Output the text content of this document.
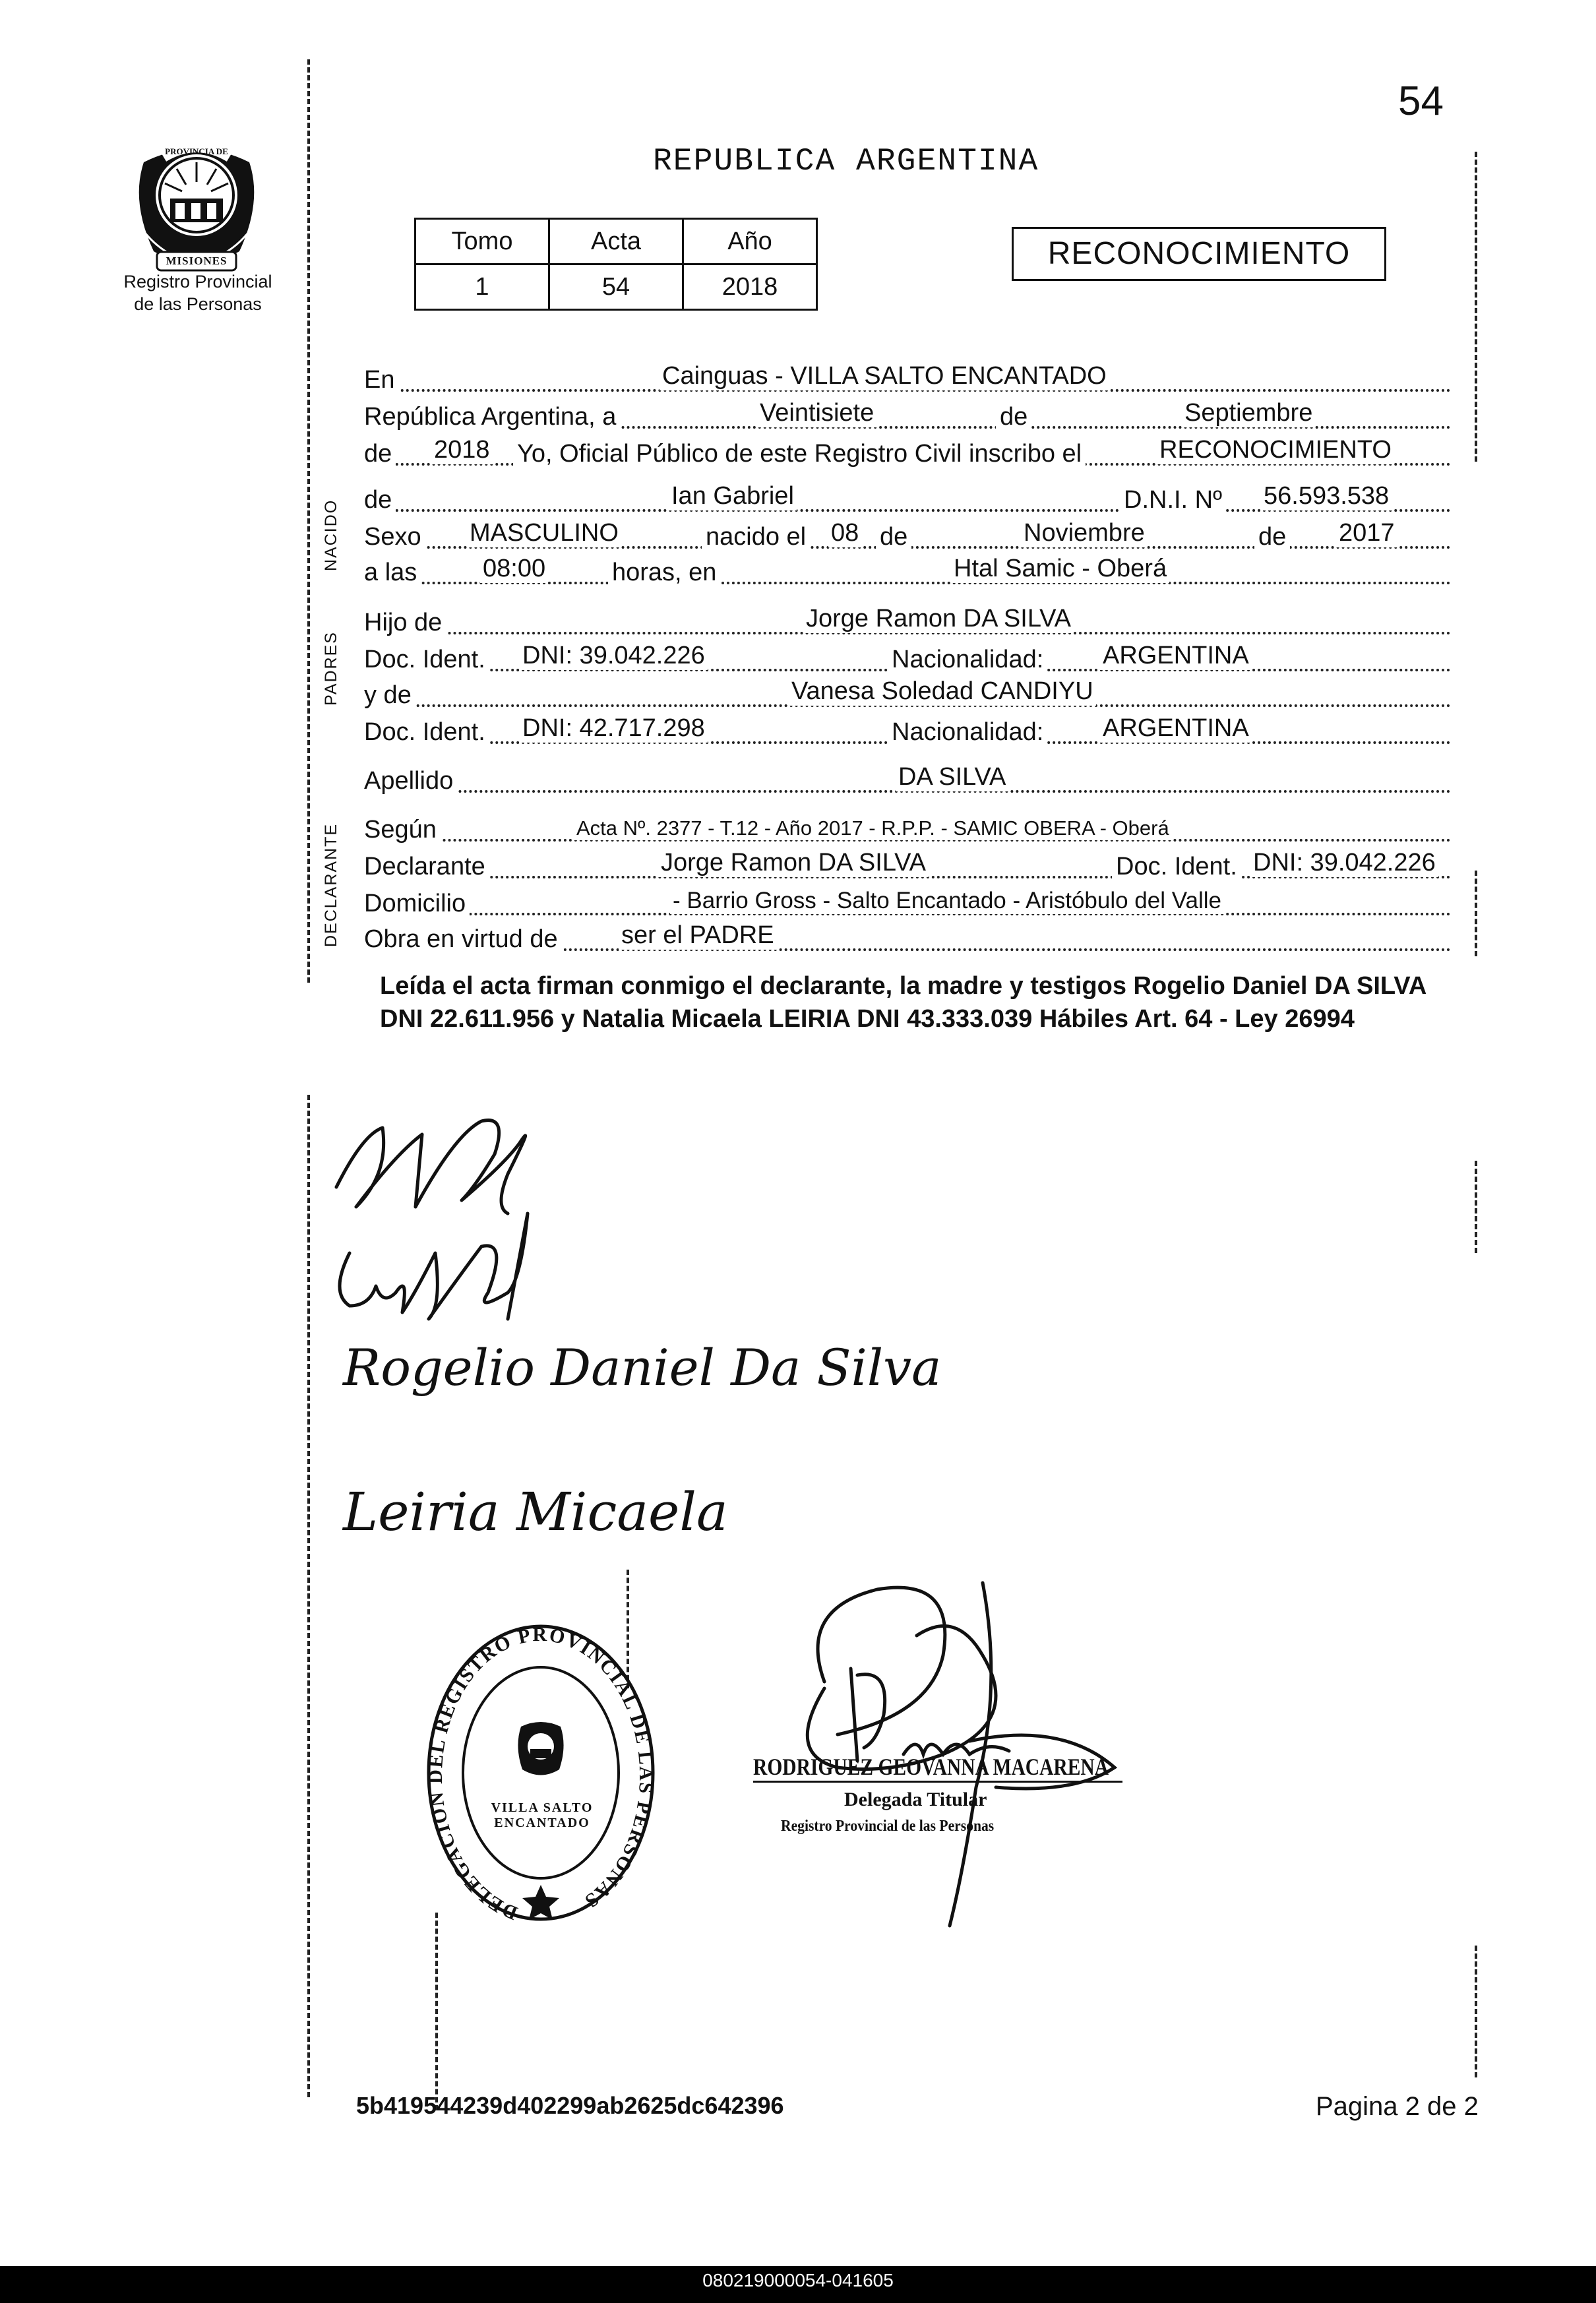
MISIONES
PROVINCIA DE
Registro Provincial
de las Personas
54
REPUBLICA ARGENTINA
Tomo	Acta	Año
1	54	2018
RECONOCIMIENTO
NACIDO
PADRES
DECLARANTE
En	Cainguas - VILLA SALTO ENCANTADO
República Argentina, a	Veintisiete	de	Septiembre
de 2018 Yo, Oficial Público de este Registro Civil inscribo el	RECONOCIMIENTO
de	Ian Gabriel	D.N.I. Nº 56.593.538
Sexo MASCULINO	nacido el 08 de	Noviembre	de 2017
a las	08:00	horas, en	Htal Samic - Oberá
Hijo de	Jorge Ramon DA SILVA
Doc. Ident. DNI: 39.042.226	Nacionalidad: ARGENTINA
y de	Vanesa Soledad CANDIYU
Doc. Ident. DNI: 42.717.298	Nacionalidad: ARGENTINA
Apellido	DA SILVA
Según	Acta Nº. 2377 - T.12 - Año 2017 - R.P.P. - SAMIC OBERA - Oberá
Declarante	Jorge Ramon DA SILVA	Doc. Ident. DNI: 39.042.226
Domicilio	- Barrio Gross - Salto Encantado - Aristóbulo del Valle
Obra en virtud de	ser el PADRE
Leída el acta firman conmigo el declarante, la madre y testigos Rogelio Daniel DA SILVA DNI 22.611.956 y Natalia Micaela LEIRIA DNI 43.333.039 Hábiles Art. 64 - Ley 26994
Rogelio Daniel Da Silva
Leiria Micaela
DELEGACION DEL REGISTRO PROVINCIAL DE LAS PERSONAS
VILLA SALTO ENCANTADO
RODRIGUEZ GEOVANNA MACARENA
Delegada Titular
Registro Provincial de las Personas
5b419544239d402299ab2625dc642396	Pagina 2 de 2
080219000054-041605
